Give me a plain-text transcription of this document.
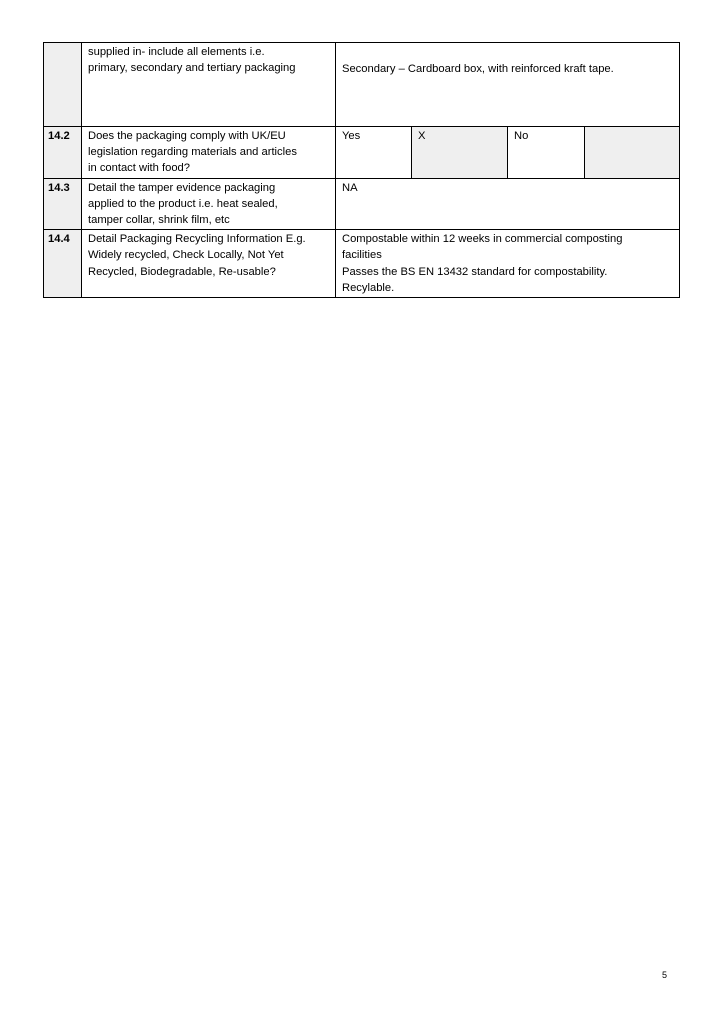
	supplied in- include all elements i.e.
primary, secondary and tertiary packaging	Secondary – Cardboard box, with reinforced kraft tape.			

14.2	Does the packaging comply with UK/EU
legislation regarding materials and articles
in contact with food?	Yes	X	No	
14.3	Detail the tamper evidence packaging
applied to the product i.e. heat sealed,
tamper collar, shrink film, etc	NA			

14.4	Detail Packaging Recycling Information E.g.
Widely recycled, Check Locally, Not Yet
Recycled, Biodegradable, Re-usable?	Compostable within 12 weeks in commercial composting
facilities
Passes the BS EN 13432 standard for compostability.
Recylable.			
5
